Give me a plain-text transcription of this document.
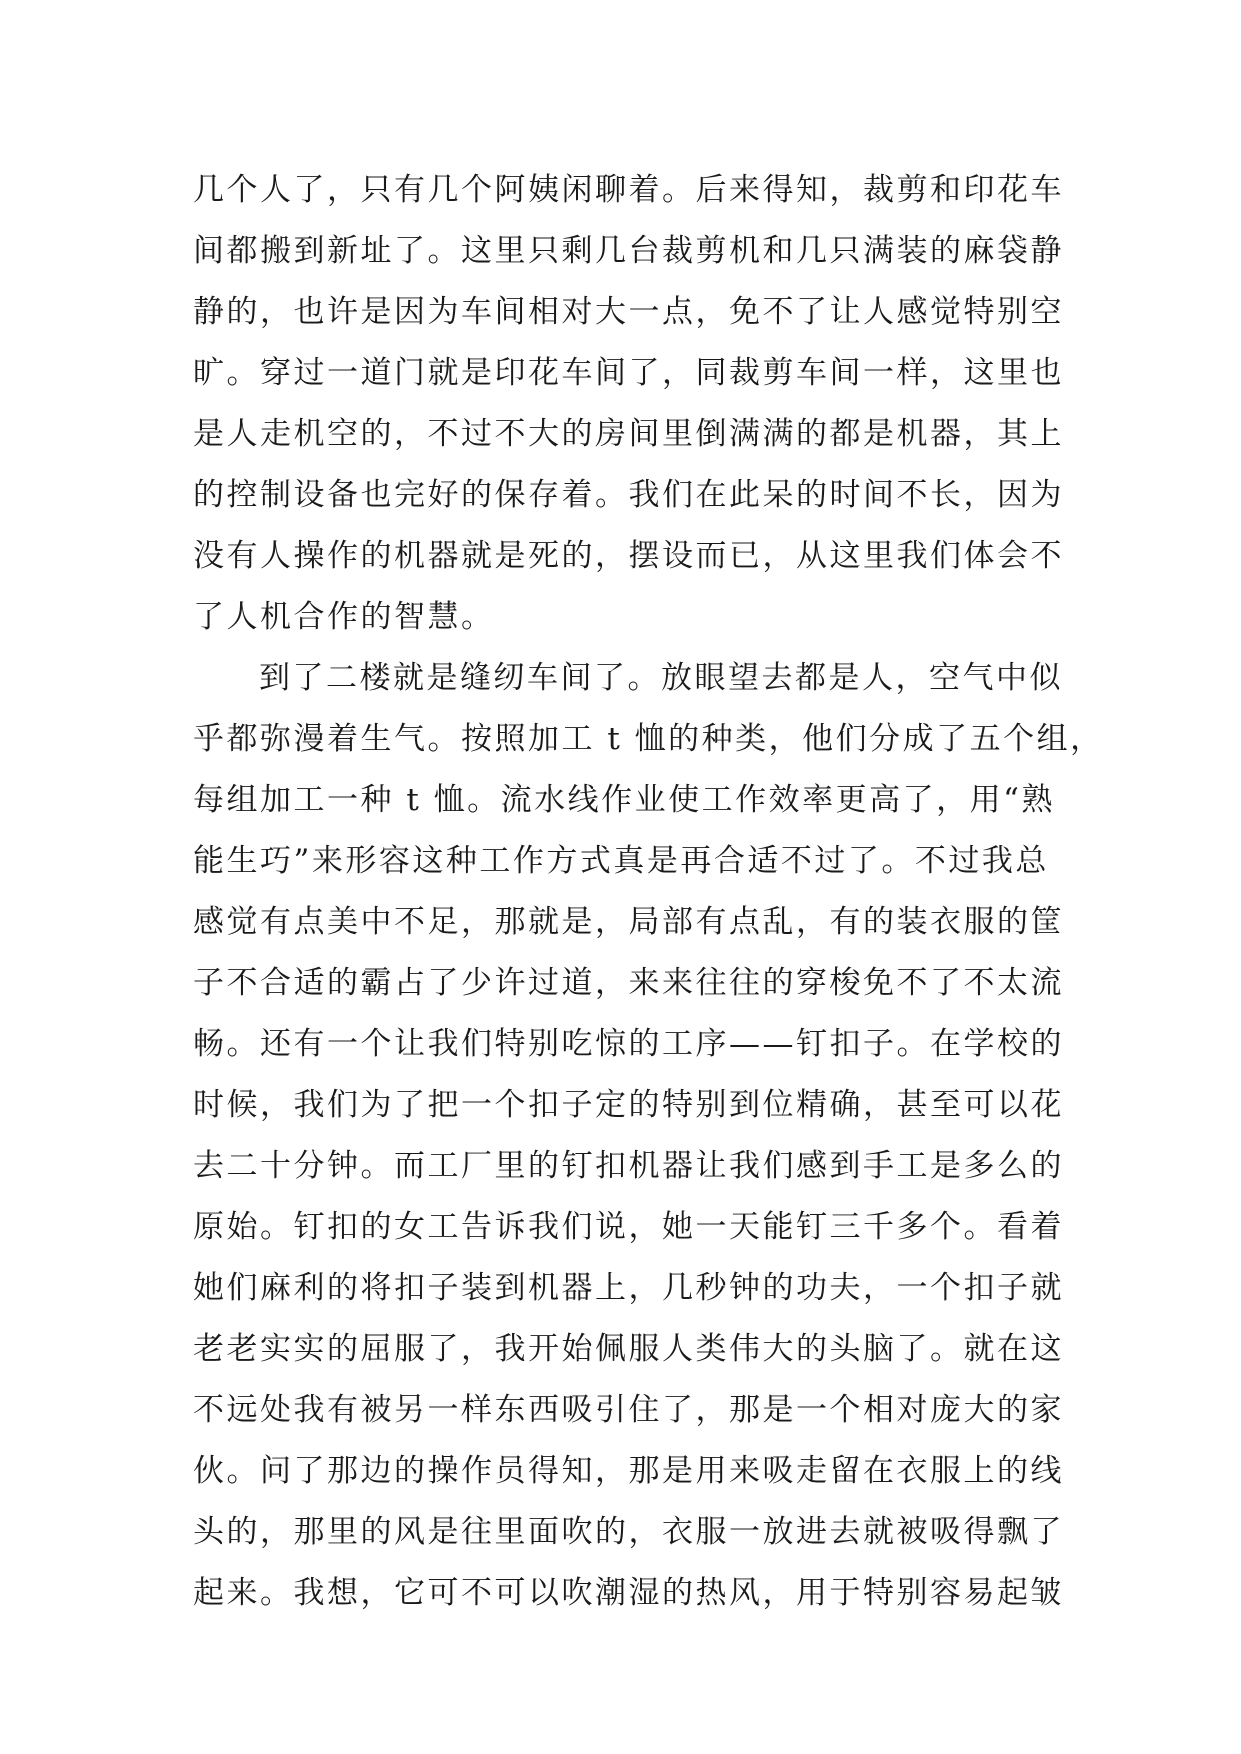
几个人了，只有几个阿姨闲聊着。后来得知，裁剪和印花车
间都搬到新址了。这里只剩几台裁剪机和几只满装的麻袋静
静的，也许是因为车间相对大一点，免不了让人感觉特别空
旷。穿过一道门就是印花车间了，同裁剪车间一样，这里也
是人走机空的，不过不大的房间里倒满满的都是机器，其上
的控制设备也完好的保存着。我们在此呆的时间不长，因为
没有人操作的机器就是死的，摆设而已，从这里我们体会不
了人机合作的智慧。
到了二楼就是缝纫车间了。放眼望去都是人，空气中似
乎都弥漫着生气。按照加工 t 恤的种类，他们分成了五个组，
每组加工一种 t 恤。流水线作业使工作效率更高了，用“熟
能生巧”来形容这种工作方式真是再合适不过了。不过我总
感觉有点美中不足，那就是，局部有点乱，有的装衣服的筐
子不合适的霸占了少许过道，来来往往的穿梭免不了不太流
畅。还有一个让我们特别吃惊的工序——钉扣子。在学校的
时候，我们为了把一个扣子定的特别到位精确，甚至可以花
去二十分钟。而工厂里的钉扣机器让我们感到手工是多么的
原始。钉扣的女工告诉我们说，她一天能钉三千多个。看着
她们麻利的将扣子装到机器上，几秒钟的功夫，一个扣子就
老老实实的屈服了，我开始佩服人类伟大的头脑了。就在这
不远处我有被另一样东西吸引住了，那是一个相对庞大的家
伙。问了那边的操作员得知，那是用来吸走留在衣服上的线
头的，那里的风是往里面吹的，衣服一放进去就被吸得飘了
起来。我想，它可不可以吹潮湿的热风，用于特别容易起皱
